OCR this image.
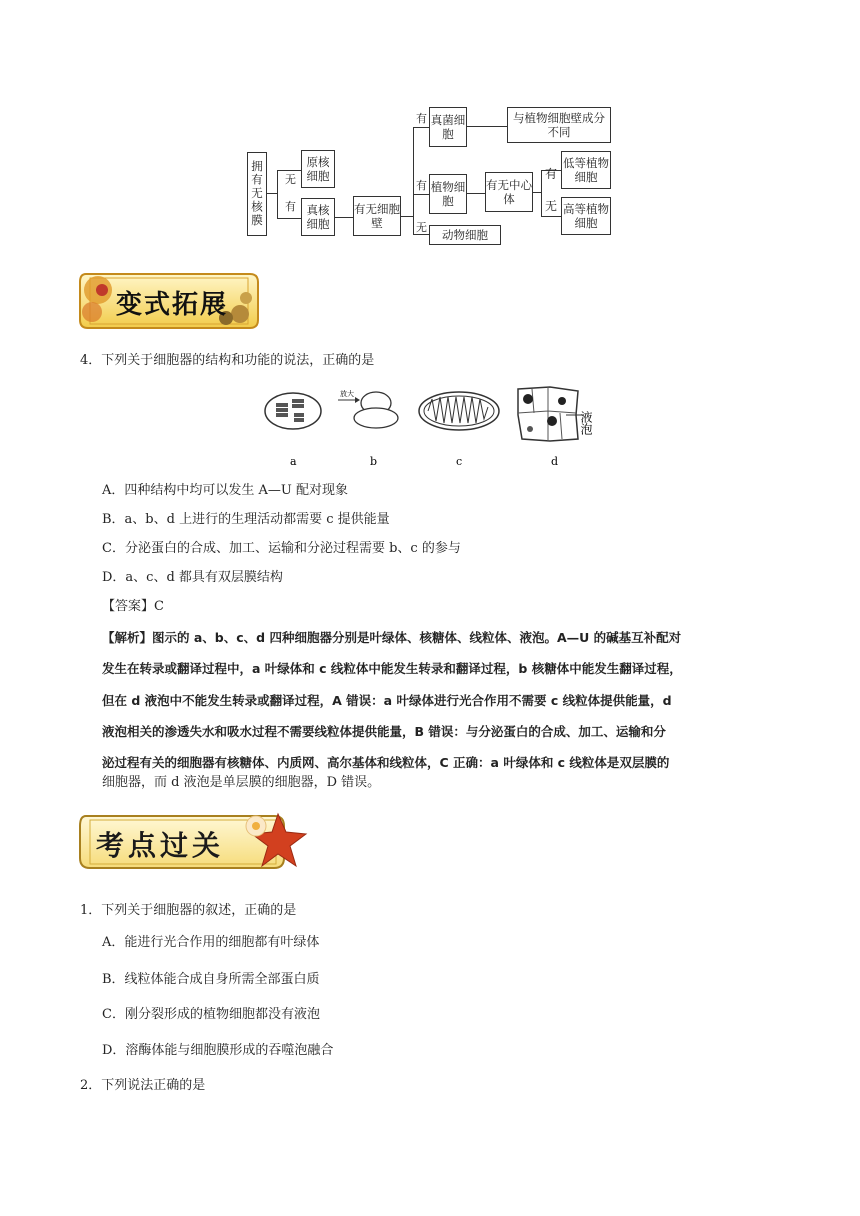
拥有无核膜 无
有
原核细胞
真核细胞
有无细胞壁
有
有
无
真菌细胞
与植物细胞壁成分不同
植物细胞
有无中心体
有
无
低等植物细胞
高等植物细胞
动物细胞
变式拓展
4．下列关于细胞器的结构和功能的说法，正确的是
放大
液泡
a	b	c	d
A．四种结构中均可以发生 A—U 配对现象
B．a、b、d 上进行的生理活动都需要 c 提供能量
C．分泌蛋白的合成、加工、运输和分泌过程需要 b、c 的参与
D．a、c、d 都具有双层膜结构
【答案】C
【解析】图示的 a、b、c、d 四种细胞器分别是叶绿体、核糖体、线粒体、液泡。A—U 的碱基互补配对
发生在转录或翻译过程中，a 叶绿体和 c 线粒体中能发生转录和翻译过程，b 核糖体中能发生翻译过程，
但在 d 液泡中不能发生转录或翻译过程，A 错误：a 叶绿体进行光合作用不需要 c 线粒体提供能量，d
液泡相关的渗透失水和吸水过程不需要线粒体提供能量，B 错误：与分泌蛋白的合成、加工、运输和分
泌过程有关的细胞器有核糖体、内质网、高尔基体和线粒体，C 正确：a 叶绿体和 c 线粒体是双层膜的
细胞器，而 d 液泡是单层膜的细胞器，D 错误。
考点过关
1．下列关于细胞器的叙述，正确的是
A．能进行光合作用的细胞都有叶绿体
B．线粒体能合成自身所需全部蛋白质
C．刚分裂形成的植物细胞都没有液泡
D．溶酶体能与细胞膜形成的吞噬泡融合
2．下列说法正确的是
